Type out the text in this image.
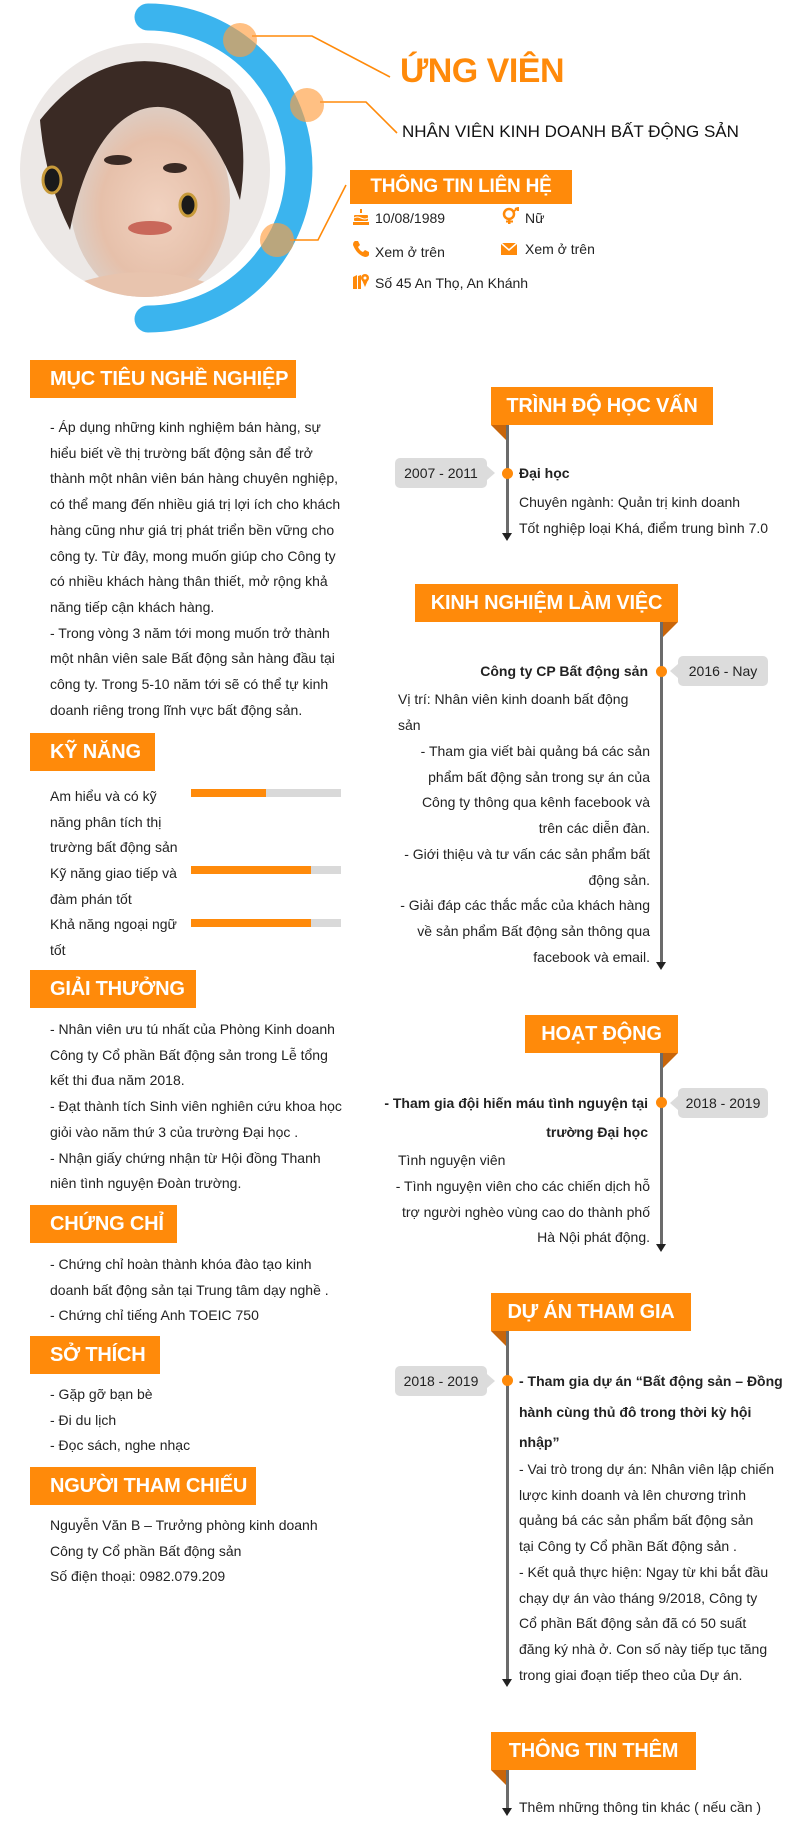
ỨNG VIÊN
NHÂN VIÊN KINH DOANH BẤT ĐỘNG SẢN
THÔNG TIN LIÊN HỆ
10/08/1989	Nữ
Xem ở trên	Xem ở trên
Số 45 An Thọ, An Khánh
MỤC TIÊU NGHỀ NGHIỆP
- Áp dụng những kinh nghiệm bán hàng, sự
hiểu biết về thị trường bất động sản để trở
thành một nhân viên bán hàng chuyên nghiệp,
có thể mang đến nhiều giá trị lợi ích cho khách
hàng cũng như giá trị phát triển bền vững cho
công ty. Từ đây, mong muốn giúp cho Công ty
có nhiều khách hàng thân thiết, mở rộng khả
năng tiếp cận khách hàng.
- Trong vòng 3 năm tới mong muốn trở thành
một nhân viên sale Bất động sản hàng đầu tại
công ty. Trong 5-10 năm tới sẽ có thể tự kinh
doanh riêng trong lĩnh vực bất động sản.
KỸ NĂNG
Am hiểu và có kỹ
năng phân tích thị
trường bất động sản
Kỹ năng giao tiếp và
đàm phán tốt
Khả năng ngoại ngữ
tốt
GIẢI THƯỞNG
- Nhân viên ưu tú nhất của Phòng Kinh doanh
Công ty Cổ phần Bất động sản trong Lễ tổng
kết thi đua năm 2018.
- Đạt thành tích Sinh viên nghiên cứu khoa học
giỏi vào năm thứ 3 của trường Đại học .
- Nhận giấy chứng nhận từ Hội đồng Thanh
niên tình nguyện Đoàn trường.
CHỨNG CHỈ
- Chứng chỉ hoàn thành khóa đào tạo kinh
doanh bất động sản tại Trung tâm dạy nghề .
- Chứng chỉ tiếng Anh TOEIC 750
SỞ THÍCH
- Gặp gỡ bạn bè
- Đi du lịch
- Đọc sách, nghe nhạc
NGƯỜI THAM CHIẾU
Nguyễn Văn B – Trưởng phòng kinh doanh
Công ty Cổ phần Bất động sản
Số điện thoại: 0982.079.209
TRÌNH ĐỘ HỌC VẤN
2007 - 2011	Đại học
Chuyên ngành: Quản trị kinh doanh
Tốt nghiệp loại Khá, điểm trung bình 7.0
KINH NGHIỆM LÀM VIỆC
2016 - Nay
Công ty CP Bất động sản
Vị trí: Nhân viên kinh doanh bất động
sản
- Tham gia viết bài quảng bá các sản
phẩm bất động sản trong sự án của
Công ty thông qua kênh facebook và
trên các diễn đàn.
- Giới thiệu và tư vấn các sản phẩm bất
động sản.
- Giải đáp các thắc mắc của khách hàng
về sản phẩm Bất động sản thông qua
facebook và email.
HOẠT ĐỘNG
2018 - 2019
- Tham gia đội hiến máu tình nguyện tại
trường Đại học
Tình nguyện viên
- Tình nguyện viên cho các chiến dịch hỗ
trợ người nghèo vùng cao do thành phố
Hà Nội phát động.
DỰ ÁN THAM GIA
2018 - 2019	- Tham gia dự án “Bất động sản – Đồng
hành cùng thủ đô trong thời kỳ hội
nhập”
- Vai trò trong dự án: Nhân viên lập chiến
lược kinh doanh và lên chương trình
quảng bá các sản phẩm bất động sản
tại Công ty Cổ phần Bất động sản .
- Kết quả thực hiện: Ngay từ khi bắt đầu
chạy dự án vào tháng 9/2018, Công ty
Cổ phần Bất động sản đã có 50 suất
đăng ký nhà ở. Con số này tiếp tục tăng
trong giai đoạn tiếp theo của Dự án.
THÔNG TIN THÊM
Thêm những thông tin khác ( nếu cần )
